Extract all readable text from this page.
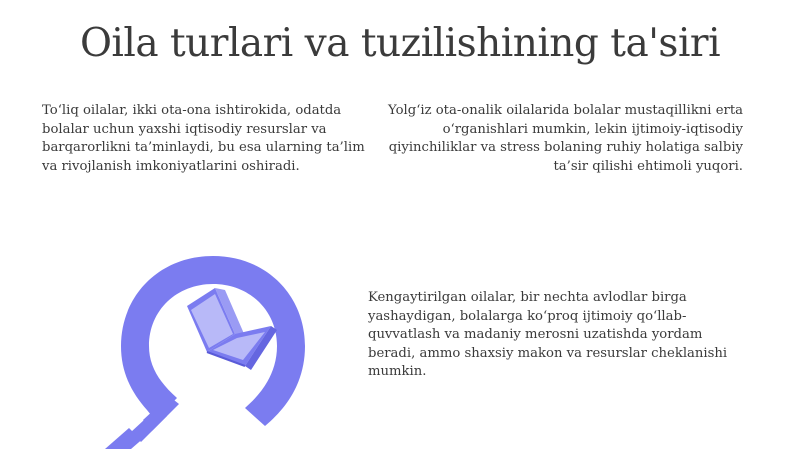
Oila turlari va tuzilishining ta'siri
To‘liq oilalar, ikki ota-ona ishtirokida, odatda bolalar uchun yaxshi iqtisodiy resurslar va barqarorlikni ta’minlaydi, bu esa ularning ta’lim va rivojlanish imkoniyatlarini oshiradi.
Yolg‘iz ota-onalik oilalarida bolalar mustaqillikni erta o‘rganishlari mumkin, lekin ijtimoiy-iqtisodiy qiyinchiliklar va stress bolaning ruhiy holatiga salbiy ta’sir qilishi ehtimoli yuqori.
Kengaytirilgan oilalar, bir nechta avlodlar birga yashaydigan, bolalarga ko‘proq ijtimoiy qo‘llab-quvvatlash va madaniy merosni uzatishda yordam beradi, ammo shaxsiy makon va resurslar cheklanishi mumkin.
